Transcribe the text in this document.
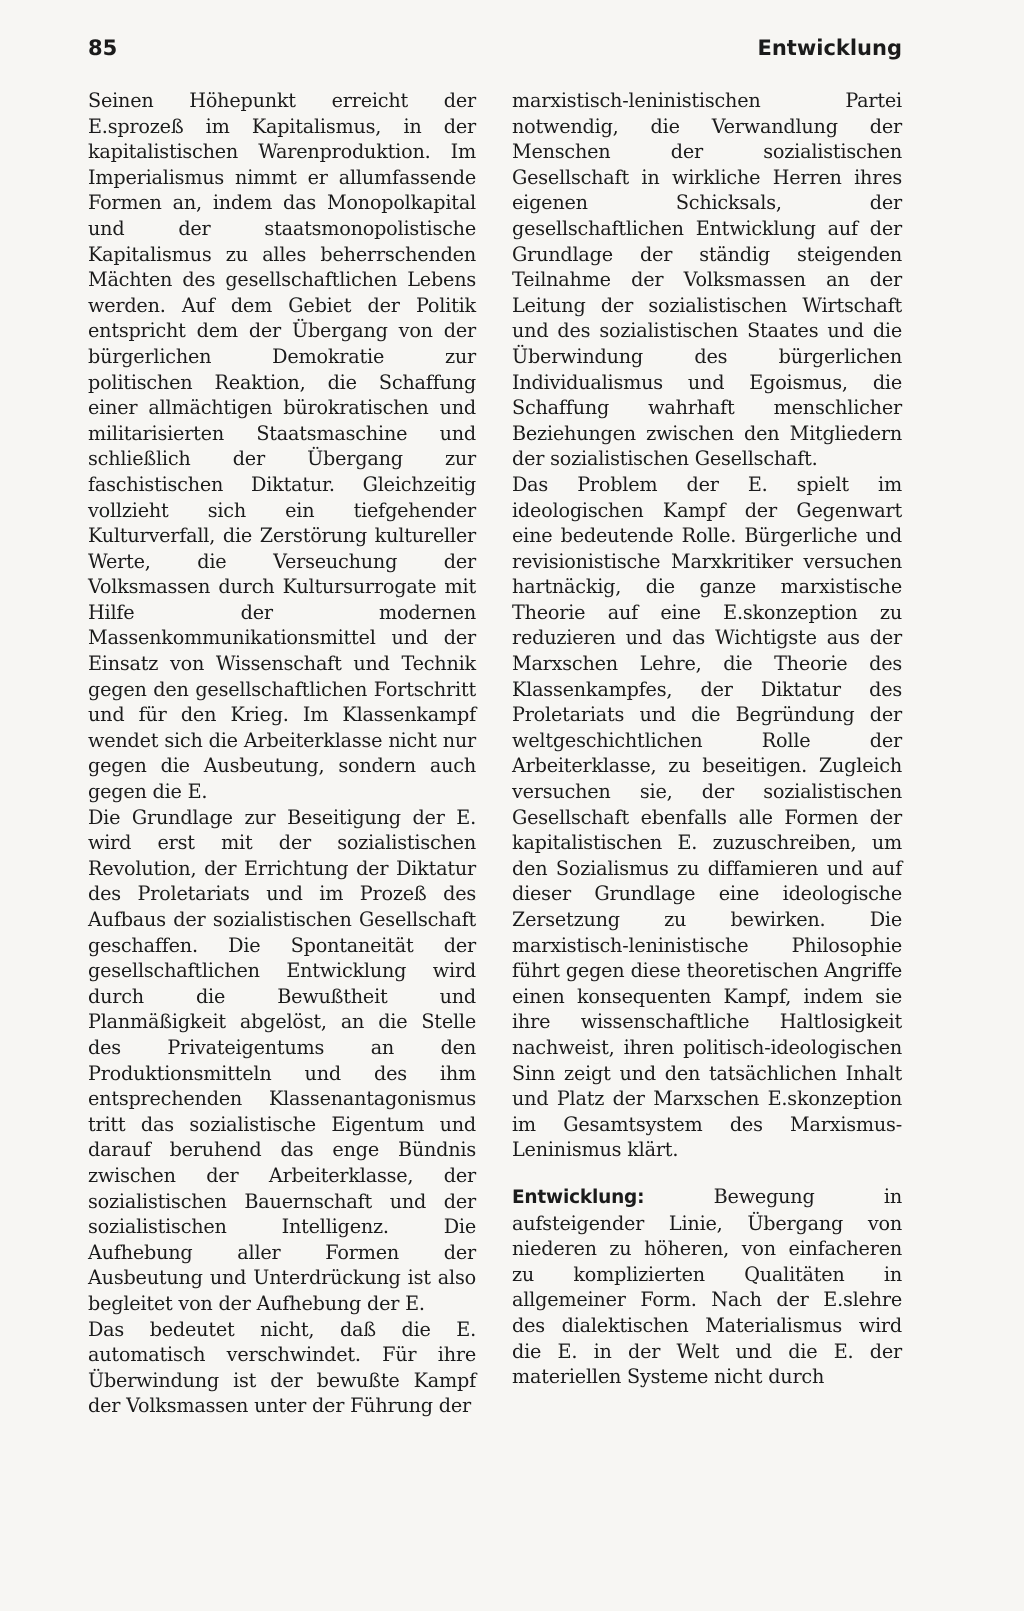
85	Entwicklung

Seinen Höhepunkt erreicht der E.sprozeß im Kapitalismus, in der kapitalistischen Warenproduktion. Im Imperialismus nimmt er allumfassende Formen an, indem das Monopolkapital und der staatsmonopolistische Kapitalismus zu alles beherrschenden Mächten des gesellschaftlichen Lebens werden. Auf dem Gebiet der Politik entspricht dem der Übergang von der bürgerlichen Demokratie zur politischen Reaktion, die Schaffung einer allmächtigen bürokratischen und militarisierten Staatsmaschine und schließlich der Übergang zur faschistischen Diktatur. Gleichzeitig vollzieht sich ein tiefgehender Kulturverfall, die Zerstörung kultureller Werte, die Verseuchung der Volksmassen durch Kultursurrogate mit Hilfe der modernen Massenkommunikationsmittel und der Einsatz von Wissenschaft und Technik gegen den gesellschaftlichen Fortschritt und für den Krieg. Im Klassenkampf wendet sich die Arbeiterklasse nicht nur gegen die Ausbeutung, sondern auch gegen die E.

Die Grundlage zur Beseitigung der E. wird erst mit der sozialistischen Revolution, der Errichtung der Diktatur des Proletariats und im Prozeß des Aufbaus der sozialistischen Gesellschaft geschaffen. Die Spontaneität der gesellschaftlichen Entwicklung wird durch die Bewußtheit und Planmäßigkeit abgelöst, an die Stelle des Privateigentums an den Produktionsmitteln und des ihm entsprechenden Klassenantagonismus tritt das sozialistische Eigentum und darauf beruhend das enge Bündnis zwischen der Arbeiterklasse, der sozialistischen Bauernschaft und der sozialistischen Intelligenz. Die Aufhebung aller Formen der Ausbeutung und Unterdrückung ist also begleitet von der Aufhebung der E.

Das bedeutet nicht, daß die E. automatisch verschwindet. Für ihre Überwindung ist der bewußte Kampf der Volksmassen unter der Führung der

marxistisch-leninistischen Partei notwendig, die Verwandlung der Menschen der sozialistischen Gesellschaft in wirkliche Herren ihres eigenen Schicksals, der gesellschaftlichen Entwicklung auf der Grundlage der ständig steigenden Teilnahme der Volksmassen an der Leitung der sozialistischen Wirtschaft und des sozialistischen Staates und die Überwindung des bürgerlichen Individualismus und Egoismus, die Schaffung wahrhaft menschlicher Beziehungen zwischen den Mitgliedern der sozialistischen Gesellschaft.

Das Problem der E. spielt im ideologischen Kampf der Gegenwart eine bedeutende Rolle. Bürgerliche und revisionistische Marxkritiker versuchen hartnäckig, die ganze marxistische Theorie auf eine E.skonzeption zu reduzieren und das Wichtigste aus der Marxschen Lehre, die Theorie des Klassenkampfes, der Diktatur des Proletariats und die Begründung der weltgeschichtlichen Rolle der Arbeiterklasse, zu beseitigen. Zugleich versuchen sie, der sozialistischen Gesellschaft ebenfalls alle Formen der kapitalistischen E. zuzuschreiben, um den Sozialismus zu diffamieren und auf dieser Grundlage eine ideologische Zersetzung zu bewirken. Die marxistisch-leninistische Philosophie führt gegen diese theoretischen Angriffe einen konsequenten Kampf, indem sie ihre wissenschaftliche Haltlosigkeit nachweist, ihren politisch-ideologischen Sinn zeigt und den tatsächlichen Inhalt und Platz der Marxschen E.skonzeption im Gesamtsystem des Marxismus-Leninismus klärt.

Entwicklung: Bewegung in aufsteigender Linie, Übergang von niederen zu höheren, von einfacheren zu komplizierten Qualitäten in allgemeiner Form. Nach der E.slehre des dialektischen Materialismus wird die E. in der Welt und die E. der materiellen Systeme nicht durch
